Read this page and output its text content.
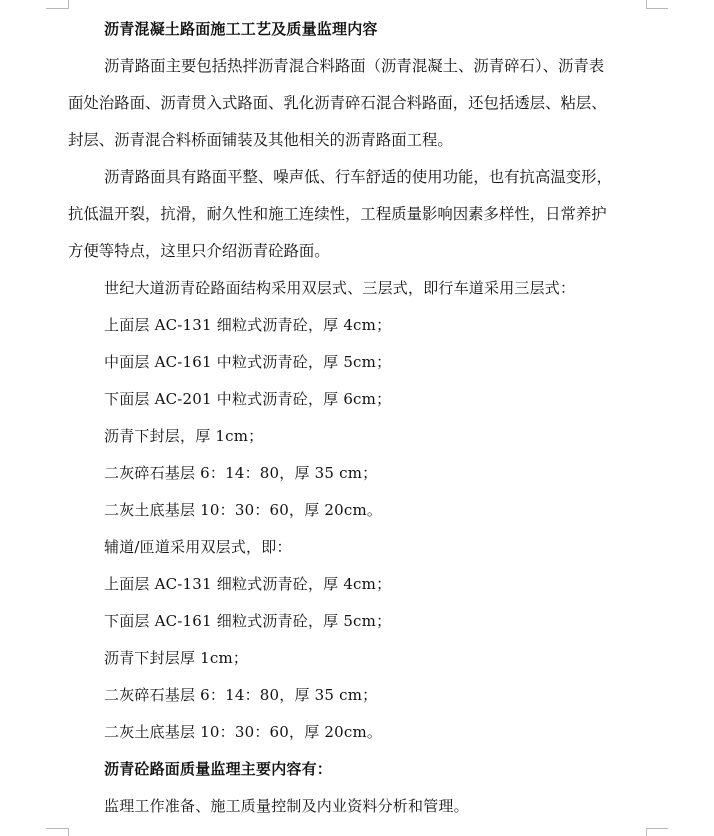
沥青混凝土路面施工工艺及质量监理内容
沥青路面主要包括热拌沥青混合料路面（沥青混凝土、沥青碎石）、沥青表
面处治路面、沥青贯入式路面、乳化沥青碎石混合料路面，还包括透层、粘层、
封层、沥青混合料桥面铺装及其他相关的沥青路面工程。
沥青路面具有路面平整、噪声低、行车舒适的使用功能，也有抗高温变形，
抗低温开裂，抗滑，耐久性和施工连续性，工程质量影响因素多样性，日常养护
方便等特点，这里只介绍沥青砼路面。
世纪大道沥青砼路面结构采用双层式、三层式，即行车道采用三层式：
上面层 AC-131 细粒式沥青砼，厚 4cm；
中面层 AC-161 中粒式沥青砼，厚 5cm；
下面层 AC-201 中粒式沥青砼，厚 6cm；
沥青下封层，厚 1cm；
二灰碎石基层 6：14：80，厚 35 cm；
二灰土底基层 10：30：60，厚 20cm。
辅道/匝道采用双层式，即：
上面层 AC-131 细粒式沥青砼，厚 4cm；
下面层 AC-161 细粒式沥青砼，厚 5cm；
沥青下封层厚 1cm；
二灰碎石基层 6：14：80，厚 35 cm；
二灰土底基层 10：30：60，厚 20cm。
沥青砼路面质量监理主要内容有：
监理工作准备、施工质量控制及内业资料分析和管理。
